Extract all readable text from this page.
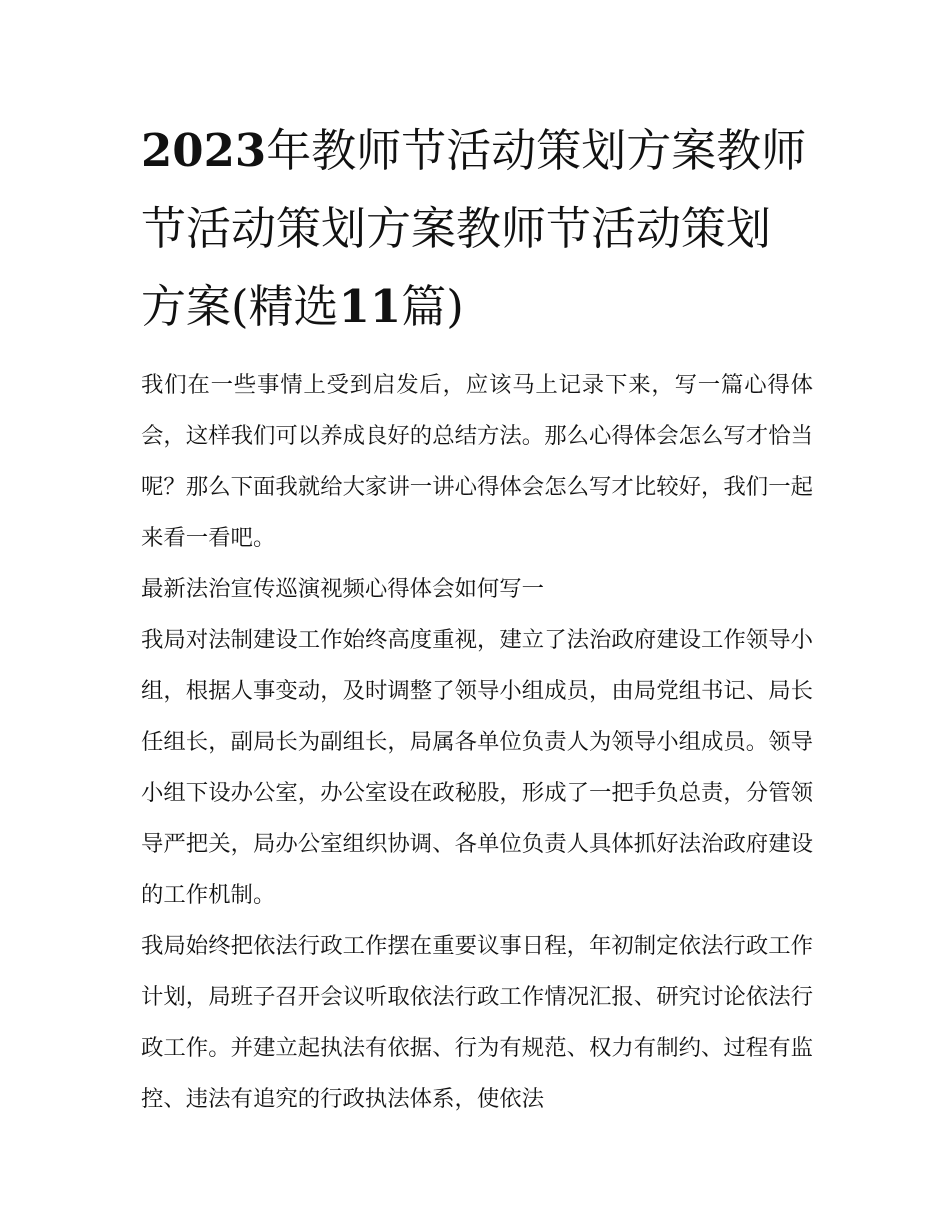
2023年教师节活动策划方案教师节活动策划方案教师节活动策划方案(精选11篇)

我们在一些事情上受到启发后，应该马上记录下来，写一篇心得体会，这样我们可以养成良好的总结方法。那么心得体会怎么写才恰当呢？那么下面我就给大家讲一讲心得体会怎么写才比较好，我们一起来看一看吧。

最新法治宣传巡演视频心得体会如何写一

我局对法制建设工作始终高度重视，建立了法治政府建设工作领导小组，根据人事变动，及时调整了领导小组成员，由局党组书记、局长任组长，副局长为副组长，局属各单位负责人为领导小组成员。领导小组下设办公室，办公室设在政秘股，形成了一把手负总责，分管领导严把关，局办公室组织协调、各单位负责人具体抓好法治政府建设的工作机制。

我局始终把依法行政工作摆在重要议事日程，年初制定依法行政工作计划，局班子召开会议听取依法行政工作情况汇报、研究讨论依法行政工作。并建立起执法有依据、行为有规范、权力有制约、过程有监控、违法有追究的行政执法体系，使依法
